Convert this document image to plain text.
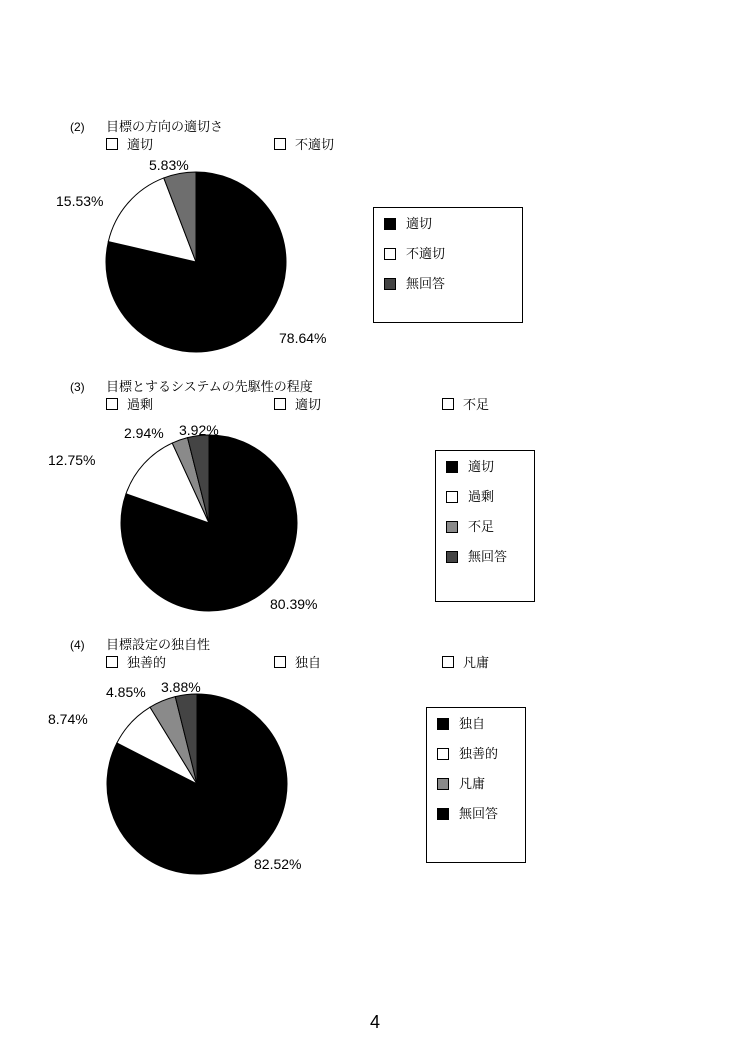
(2) 目標の方向の適切さ
適切	不適切
78.64%
15.53%
5.83%
適切
不適切
無回答
(3) 目標とするシステムの先駆性の程度
過剰	適切	不足
80.39%
12.75%
2.94% 3.92%
適切
過剰
不足
無回答
(4) 目標設定の独自性
独善的	独自	凡庸
82.52%
8.74%
4.85% 3.88%
独自
独善的
凡庸
無回答
4
